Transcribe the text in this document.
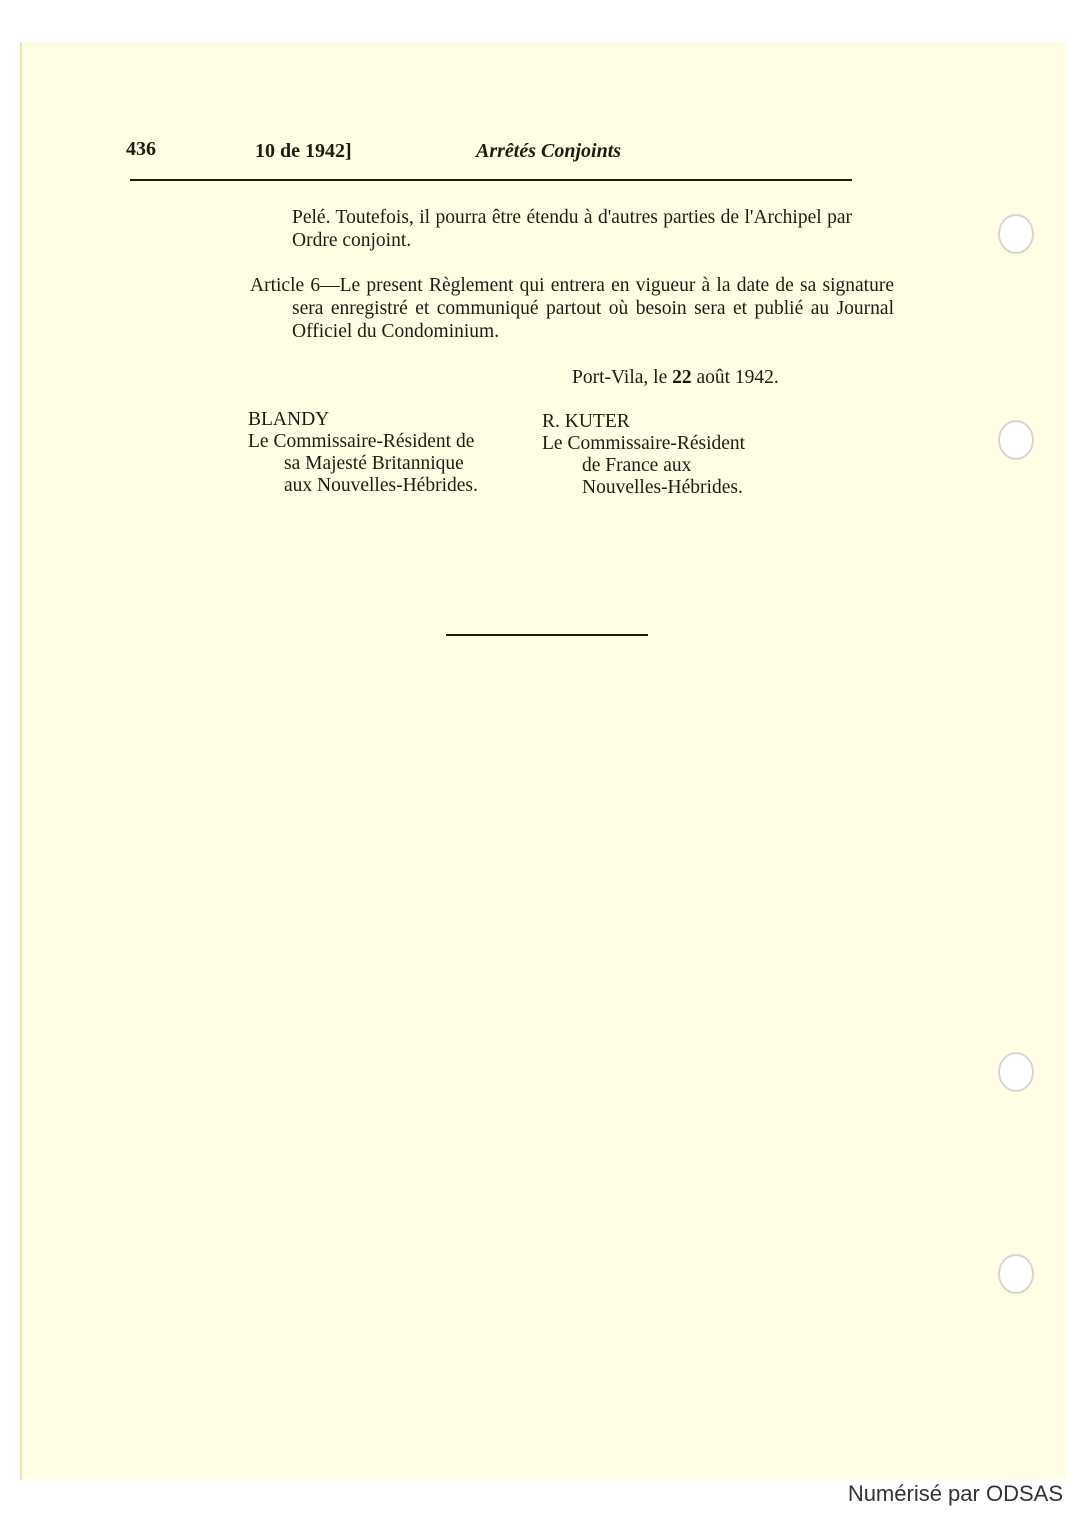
436	10 de 1942]	Arrêtés Conjoints
Pelé. Toutefois, il pourra être étendu à d'autres parties de l'Archipel par Ordre conjoint.
Article 6—Le present Règlement qui entrera en vigueur à la date de sa signature sera enregistré et communiqué partout où besoin sera et publié au Journal Officiel du Condominium.
Port-Vila, le 22 août 1942.
BLANDY
Le Commissaire-Résident de
sa Majesté Britannique
aux Nouvelles-Hébrides.
R. KUTER
Le Commissaire-Résident
de France aux
Nouvelles-Hébrides.
Numérisé par ODSAS
